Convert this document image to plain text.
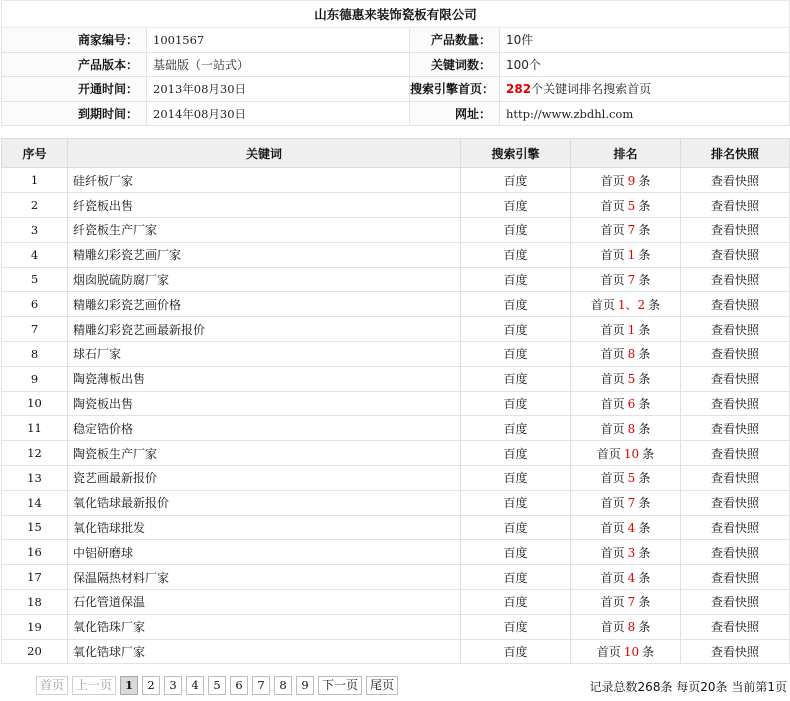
山东德惠来装饰瓷板有限公司			
商家编号：	1001567	产品数量：	10件
产品版本：	基础版（一站式）	关键词数：	100个
开通时间：	2013年08月30日	搜索引擎首页：	282个关键词排名搜索首页
到期时间：	2014年08月30日	网址：	http://www.zbdhl.com
序号	关键词	搜索引擎	排名	排名快照
1	硅纤板厂家	百度	首页 9 条	查看快照
2	纤瓷板出售	百度	首页 5 条	查看快照
3	纤瓷板生产厂家	百度	首页 7 条	查看快照
4	精雕幻彩瓷艺画厂家	百度	首页 1 条	查看快照
5	烟囱脱硫防腐厂家	百度	首页 7 条	查看快照
6	精雕幻彩瓷艺画价格	百度	首页 1、2 条	查看快照
7	精雕幻彩瓷艺画最新报价	百度	首页 1 条	查看快照
8	球石厂家	百度	首页 8 条	查看快照
9	陶瓷薄板出售	百度	首页 5 条	查看快照
10	陶瓷板出售	百度	首页 6 条	查看快照
11	稳定锆价格	百度	首页 8 条	查看快照
12	陶瓷板生产厂家	百度	首页 10 条	查看快照
13	瓷艺画最新报价	百度	首页 5 条	查看快照
14	氧化锆球最新报价	百度	首页 7 条	查看快照
15	氧化锆球批发	百度	首页 4 条	查看快照
16	中铝研磨球	百度	首页 3 条	查看快照
17	保温隔热材料厂家	百度	首页 4 条	查看快照
18	石化管道保温	百度	首页 7 条	查看快照
19	氧化锆珠厂家	百度	首页 8 条	查看快照
20	氧化锆球厂家	百度	首页 10 条	查看快照
首页	上一页	1	2	3	4	5	6	7	8	9	下一页	尾页	记录总数268条 每页20条 当前第1页
